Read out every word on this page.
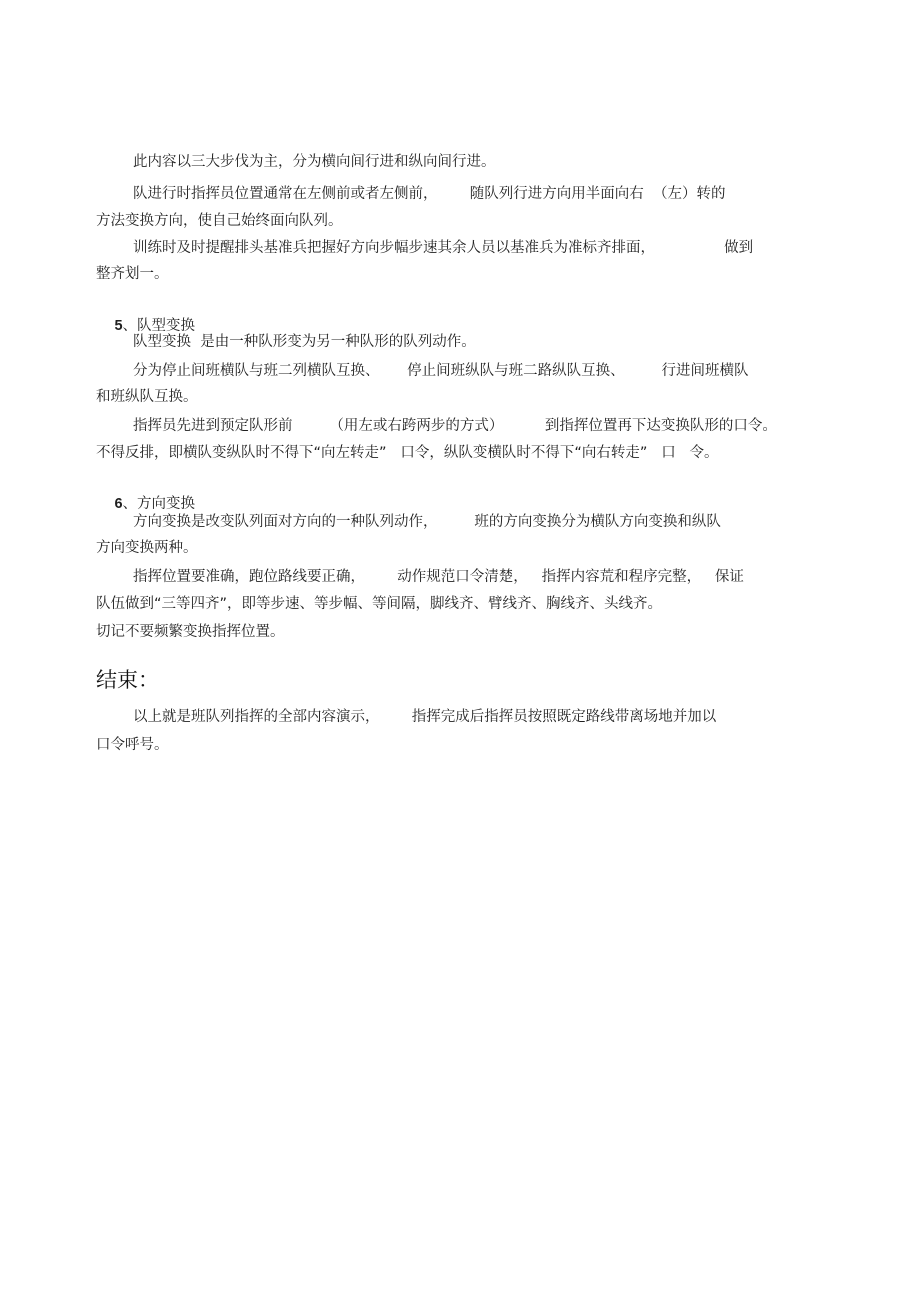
此内容以三大步伐为主，分为横向间行进和纵向间行进。
队进行时指挥员位置通常在左侧前或者左侧前，       随队列行进方向用半面向右  （左）转的
方法变换方向，使自己始终面向队列。
训练时及时提醒排头基准兵把握好方向步幅步速其余人员以基准兵为准标齐排面，               做到
整齐划一。

5、队型变换

队型变换  是由一种队形变为另一种队形的队列动作。
分为停止间班横队与班二列横队互换、      停止间班纵队与班二路纵队互换、        行进间班横队
和班纵队互换。
指挥员先进到预定队形前        （用左或右跨两步的方式）         到指挥位置再下达变换队形的口令。
不得反排，即横队变纵队时不得下“向左转走”   口令，纵队变横队时不得下“向右转走”   口   令。

6、方向变换

方向变换是改变队列面对方向的一种队列动作，        班的方向变换分为横队方向变换和纵队
方向变换两种。
指挥位置要准确，跑位路线要正确，       动作规范口令清楚，   指挥内容荒和程序完整，   保证
队伍做到“三等四齐”，即等步速、等步幅、等间隔，脚线齐、臂线齐、胸线齐、头线齐。
切记不要频繁变换指挥位置。
结束：
以上就是班队列指挥的全部内容演示，       指挥完成后指挥员按照既定路线带离场地并加以
口令呼号。
